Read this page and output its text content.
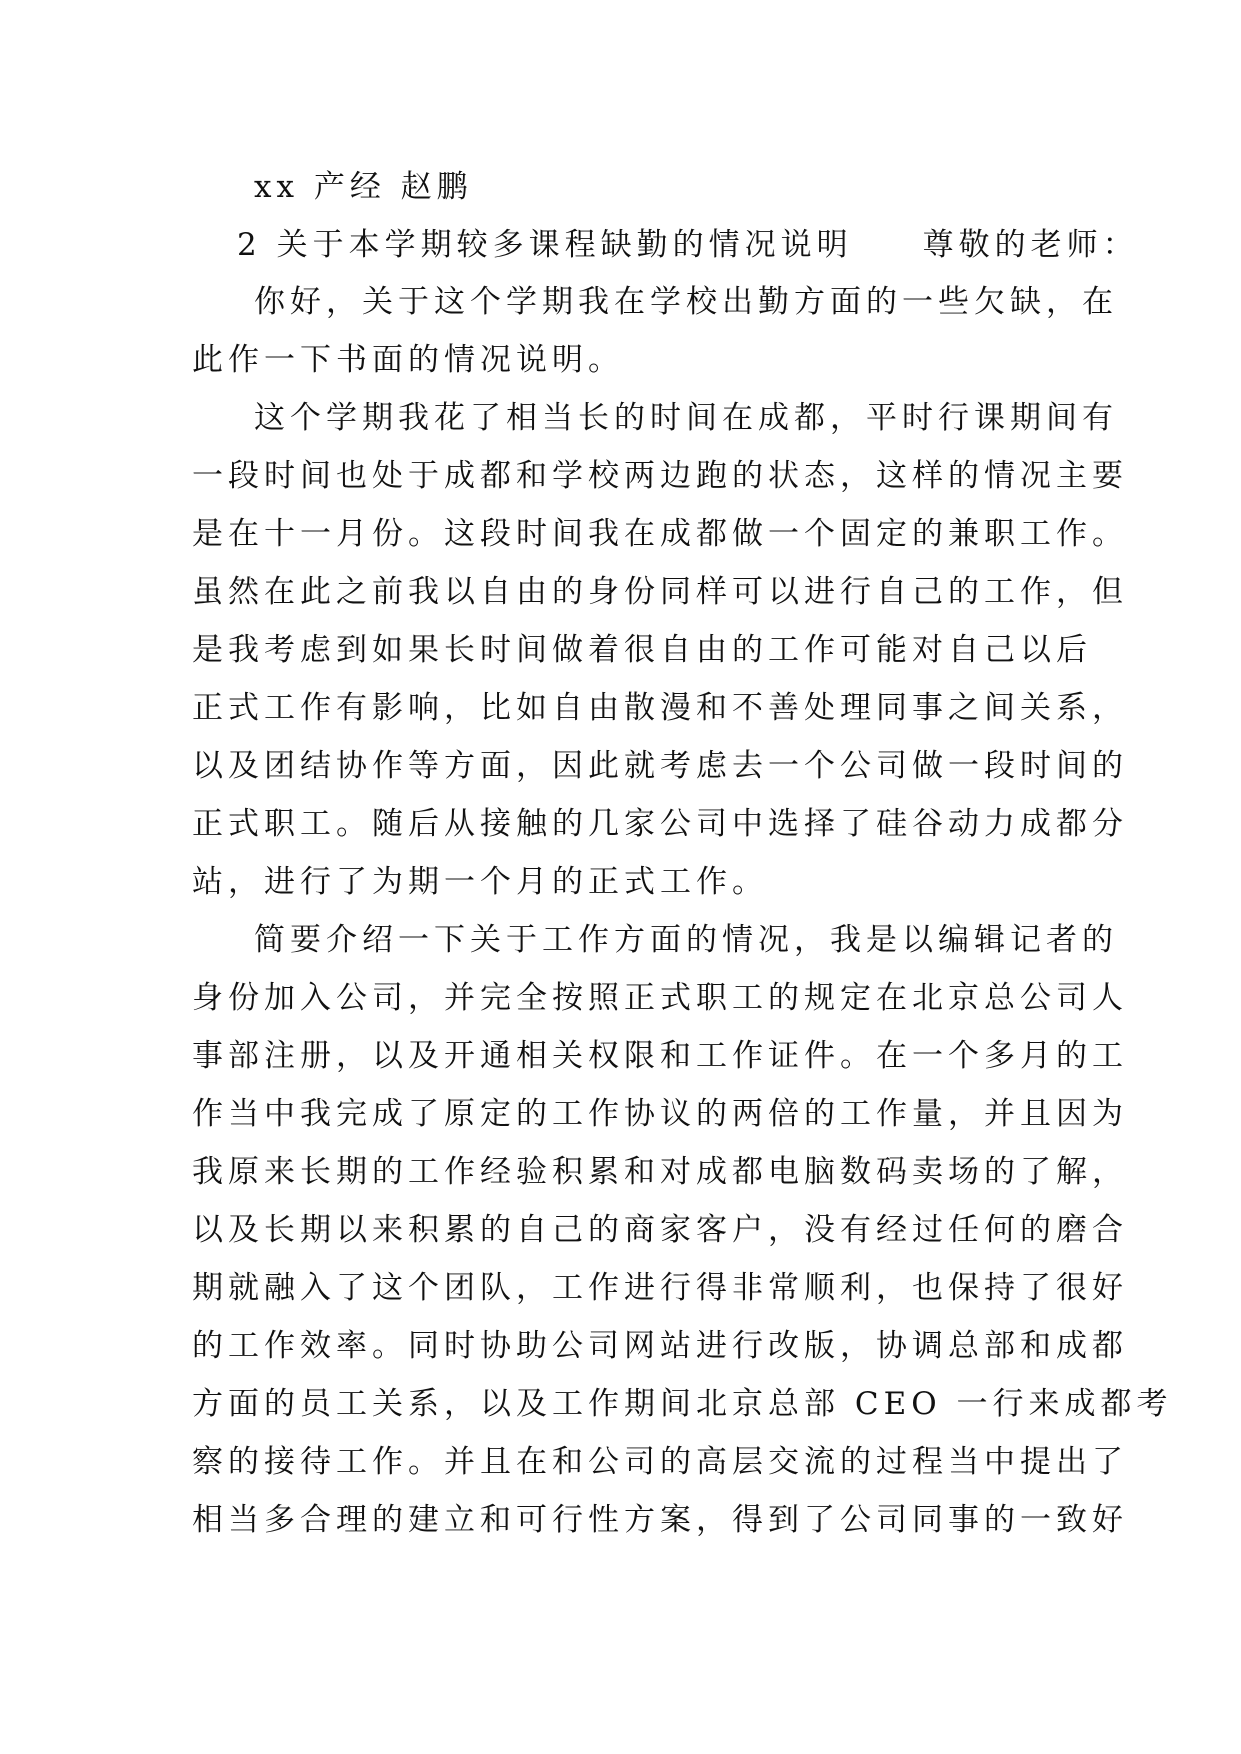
xx 产经 赵鹏
2 关于本学期较多课程缺勤的情况说明 尊敬的老师：
你好，关于这个学期我在学校出勤方面的一些欠缺，在
此作一下书面的情况说明。
这个学期我花了相当长的时间在成都，平时行课期间有
一段时间也处于成都和学校两边跑的状态，这样的情况主要
是在十一月份。这段时间我在成都做一个固定的兼职工作。
虽然在此之前我以自由的身份同样可以进行自己的工作，但
是我考虑到如果长时间做着很自由的工作可能对自己以后
正式工作有影响，比如自由散漫和不善处理同事之间关系，
以及团结协作等方面，因此就考虑去一个公司做一段时间的
正式职工。随后从接触的几家公司中选择了硅谷动力成都分
站，进行了为期一个月的正式工作。
简要介绍一下关于工作方面的情况，我是以编辑记者的
身份加入公司，并完全按照正式职工的规定在北京总公司人
事部注册，以及开通相关权限和工作证件。在一个多月的工
作当中我完成了原定的工作协议的两倍的工作量，并且因为
我原来长期的工作经验积累和对成都电脑数码卖场的了解，
以及长期以来积累的自己的商家客户，没有经过任何的磨合
期就融入了这个团队，工作进行得非常顺利，也保持了很好
的工作效率。同时协助公司网站进行改版，协调总部和成都
方面的员工关系，以及工作期间北京总部 CEO 一行来成都考
察的接待工作。并且在和公司的高层交流的过程当中提出了
相当多合理的建立和可行性方案，得到了公司同事的一致好
